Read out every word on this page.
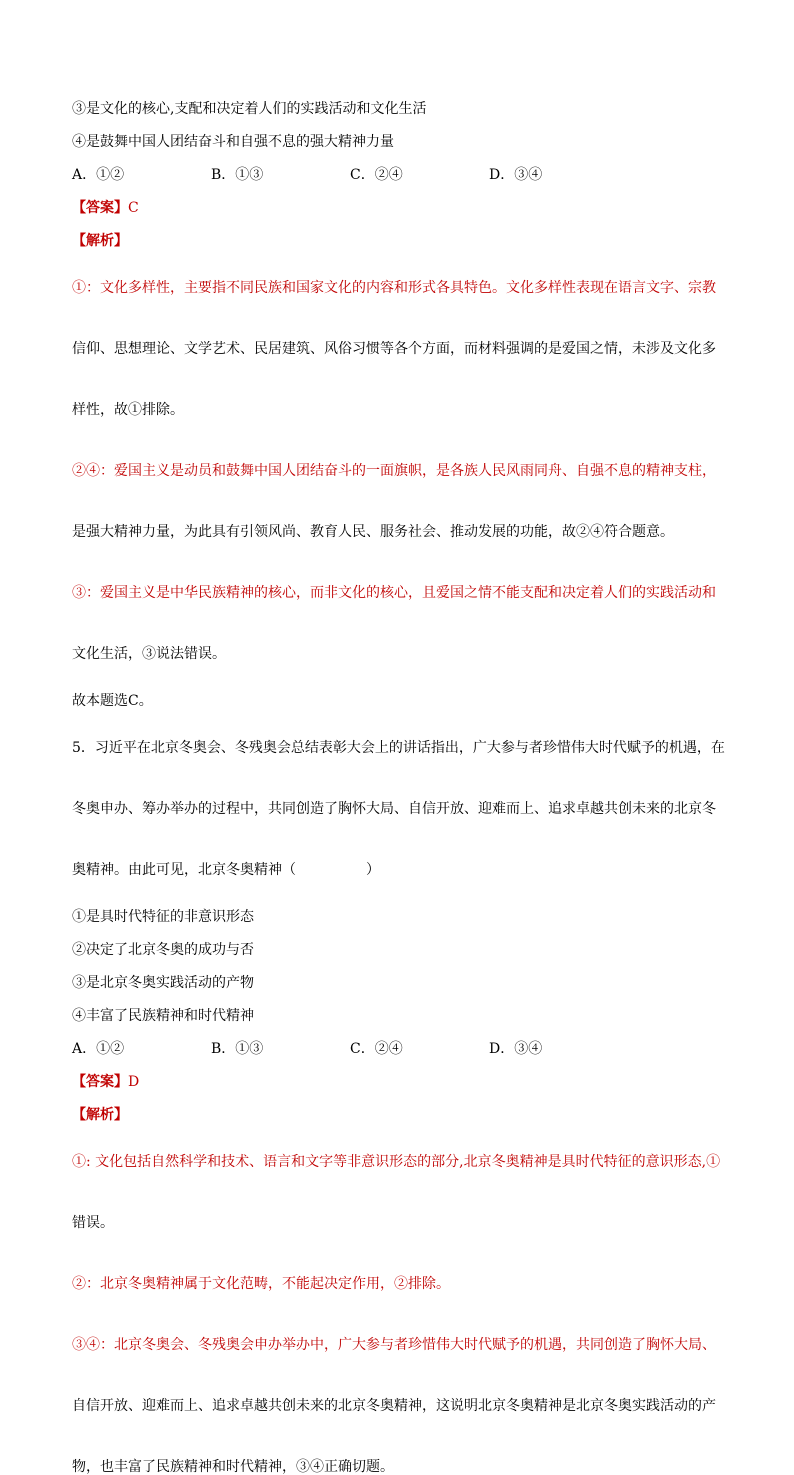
③是文化的核心,支配和决定着人们的实践活动和文化生活

④是鼓舞中国人团结奋斗和自强不息的强大精神力量

A．①②	B．①③	C．②④	D．③④

【答案】C

【解析】

①：文化多样性，主要指不同民族和国家文化的内容和形式各具特色。文化多样性表现在语言文字、宗教

信仰、思想理论、文学艺术、民居建筑、风俗习惯等各个方面，而材料强调的是爱国之情，未涉及文化多

样性，故①排除。

②④：爱国主义是动员和鼓舞中国人团结奋斗的一面旗帜，是各族人民风雨同舟、自强不息的精神支柱，

是强大精神力量，为此具有引领风尚、教育人民、服务社会、推动发展的功能，故②④符合题意。

③：爱国主义是中华民族精神的核心，而非文化的核心，且爱国之情不能支配和决定着人们的实践活动和

文化生活，③说法错误。

故本题选C。

5．习近平在北京冬奥会、冬残奥会总结表彰大会上的讲话指出，广大参与者珍惜伟大时代赋予的机遇，在

冬奥申办、筹办举办的过程中，共同创造了胸怀大局、自信开放、迎难而上、追求卓越共创未来的北京冬

奥精神。由此可见，北京冬奥精神（　　　　　）

①是具时代特征的非意识形态

②决定了北京冬奥的成功与否

③是北京冬奥实践活动的产物

④丰富了民族精神和时代精神

A．①②	B．①③	C．②④	D．③④

【答案】D

【解析】

①: 文化包括自然科学和技术、语言和文字等非意识形态的部分,北京冬奥精神是具时代特征的意识形态,①

错误。

②：北京冬奥精神属于文化范畴，不能起决定作用，②排除。

③④：北京冬奥会、冬残奥会申办举办中，广大参与者珍惜伟大时代赋予的机遇，共同创造了胸怀大局、

自信开放、迎难而上、追求卓越共创未来的北京冬奥精神，这说明北京冬奥精神是北京冬奥实践活动的产

物，也丰富了民族精神和时代精神，③④正确切题。
